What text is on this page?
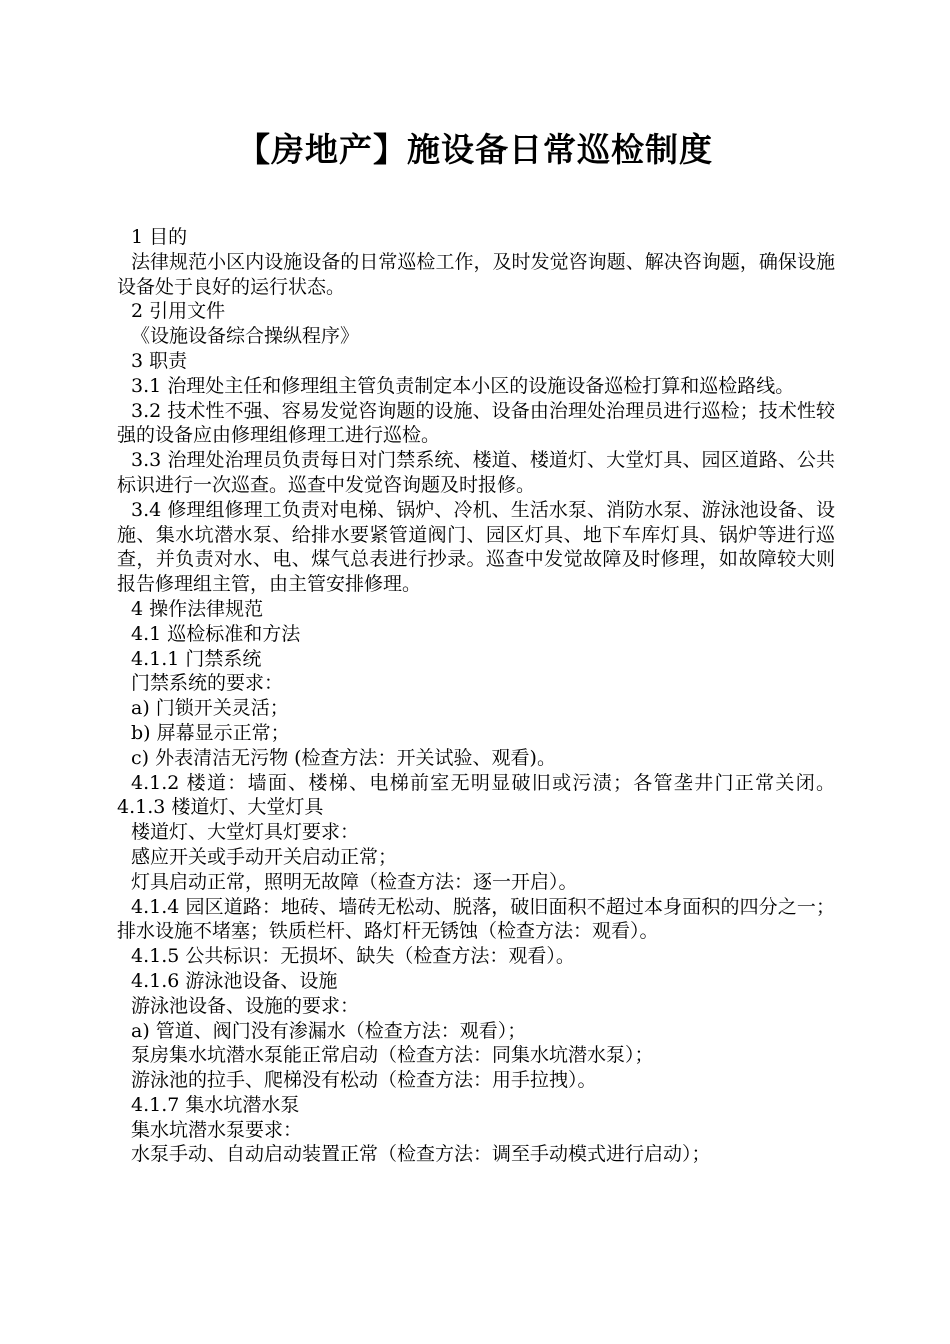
【房地产】施设备日常巡检制度

1 目的

法律规范小区内设施设备的日常巡检工作，及时发觉咨询题、解决咨询题，确保设施设备处于良好的运行状态。

2 引用文件

《设施设备综合操纵程序》

3 职责

3.1 治理处主任和修理组主管负责制定本小区的设施设备巡检打算和巡检路线。

3.2 技术性不强、容易发觉咨询题的设施、设备由治理处治理员进行巡检；技术性较强的设备应由修理组修理工进行巡检。

3.3 治理处治理员负责每日对门禁系统、楼道、楼道灯、大堂灯具、园区道路、公共标识进行一次巡查。巡查中发觉咨询题及时报修。

3.4 修理组修理工负责对电梯、锅炉、冷机、生活水泵、消防水泵、游泳池设备、设施、集水坑潜水泵、给排水要紧管道阀门、园区灯具、地下车库灯具、锅炉等进行巡查，并负责对水、电、煤气总表进行抄录。巡查中发觉故障及时修理，如故障较大则报告修理组主管，由主管安排修理。

4 操作法律规范

4.1 巡检标准和方法

4.1.1 门禁系统

门禁系统的要求：

a) 门锁开关灵活；

b) 屏幕显示正常；

c) 外表清洁无污物 (检查方法：开关试验、观看)。

4.1.2 楼道：墙面、楼梯、电梯前室无明显破旧或污渍；各管垄井门正常关闭。4.1.3 楼道灯、大堂灯具

楼道灯、大堂灯具灯要求：

感应开关或手动开关启动正常；

灯具启动正常，照明无故障（检查方法：逐一开启）。

4.1.4 园区道路：地砖、墙砖无松动、脱落，破旧面积不超过本身面积的四分之一；排水设施不堵塞；铁质栏杆、路灯杆无锈蚀（检查方法：观看）。

4.1.5 公共标识：无损坏、缺失（检查方法：观看）。

4.1.6 游泳池设备、设施

游泳池设备、设施的要求：

a) 管道、阀门没有渗漏水（检查方法：观看）；

泵房集水坑潜水泵能正常启动（检查方法：同集水坑潜水泵）；

游泳池的拉手、爬梯没有松动（检查方法：用手拉拽）。

4.1.7 集水坑潜水泵

集水坑潜水泵要求：

水泵手动、自动启动装置正常（检查方法：调至手动模式进行启动）；
